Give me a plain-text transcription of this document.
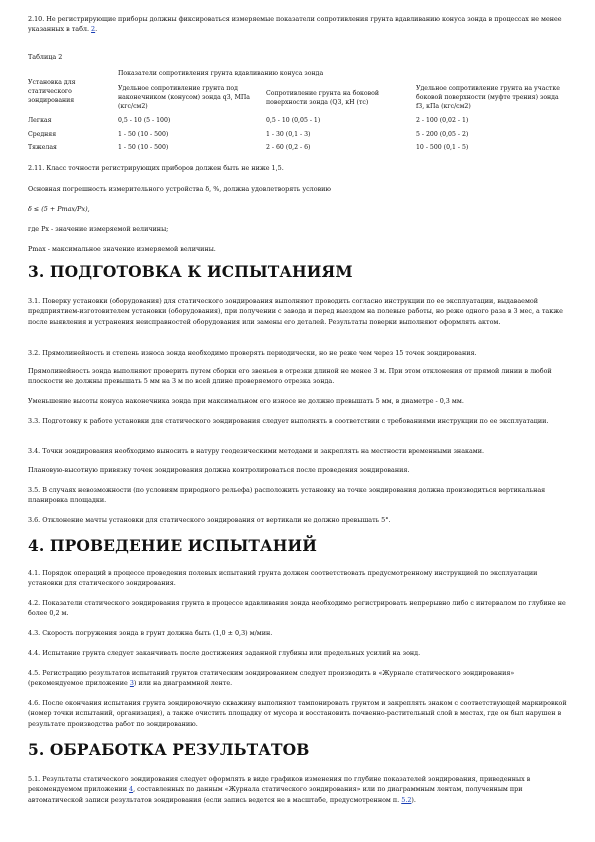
2.10. Не регистрирующие приборы должны фиксироваться измеряемые показатели сопротивления грунта вдавливанию конуса зонда в процессах не менее указанных в табл. 2.

Таблица 2

Показатели сопротивления грунта вдавливанию конуса зонда
Установка для статического зондирования
Удельное сопротивление грунта под наконечником (конусом) зонда q3, МПа (кгс/см2)
Сопротивление грунта на боковой поверхности зонда (Q3, кН (тс)
Удельное сопротивление грунта на участке боковой поверхности (муфте трения) зонда f3, кПа (кгс/см2)
Легкая	0,5 - 10 (5 - 100)	0,5 - 10 (0,05 - 1)	2 - 100 (0,02 - 1)
Средняя	1 - 50 (10 - 500)	1 - 30 (0,1 - 3)	5 - 200 (0,05 - 2)
Тяжелая	1 - 50 (10 - 500)	2 - 60 (0,2 - 6)	10 - 500 (0,1 - 5)

2.11. Класс точности регистрирующих приборов должен быть не ниже 1,5.

Основная погрешность измерительного устройства δ, %, должна удовлетворять условию

δ ≤ (5 + Pmax/Px),

где Px - значение измеряемой величины;

Pmax - максимальное значение измеряемой величины.

3. ПОДГОТОВКА К ИСПЫТАНИЯМ

3.1. Поверку установки (оборудования) для статического зондирования выполняют проводить согласно инструкции по ее эксплуатации, выдаваемой предприятием-изготовителем установки (оборудования), при получении с завода и перед выездом на полевые работы, но реже одного раза в 3 мес, а также после выявления и устранения неисправностей оборудования или замены его деталей. Результаты поверки выполняют оформлять актом.

3.2. Прямолинейность и степень износа зонда необходимо проверять периодически, но не реже чем через 15 точек зондирования.

Прямолинейность зонда выполняют проверить путем сборки его звеньев в отрезки длиной не менее 3 м. При этом отклонения от прямой линии в любой плоскости не должны превышать 5 мм на 3 м по всей длине проверяемого отрезка зонда.

Уменьшение высоты конуса наконечника зонда при максимальном его износе не должно превышать 5 мм, в диаметре - 0,3 мм.

3.3. Подготовку к работе установки для статического зондирования следует выполнять в соответствии с требованиями инструкции по ее эксплуатации.

3.4. Точки зондирования необходимо выносить в натуру геодезическими методами и закреплять на местности временными знаками.

Плановую-высотную привязку точек зондирования должна контролироваться после проведения зондирования.

3.5. В случаях невозможности (по условиям природного рельефа) расположить установку на точке зондирования должна производиться вертикальная планировка площадки.

3.6. Отклонение мачты установки для статического зондирования от вертикали не должно превышать 5°.

4. ПРОВЕДЕНИЕ ИСПЫТАНИЙ

4.1. Порядок операций в процессе проведения полевых испытаний грунта должен соответствовать предусмотренному инструкцией по эксплуатации установки для статического зондирования.

4.2. Показатели статического зондирования грунта в процессе вдавливания зонда необходимо регистрировать непрерывно либо с интервалом по глубине не более 0,2 м.

4.3. Скорость погружения зонда в грунт должна быть (1,0 ± 0,3) м/мин.

4.4. Испытание грунта следует заканчивать после достижения заданной глубины или предельных усилий на зонд.

4.5. Регистрацию результатов испытаний грунтов статическим зондированием следует производить в «Журнале статического зондирования» (рекомендуемое приложение 3) или на диаграммной ленте.

4.6. После окончания испытания грунта зондировочную скважину выполняют тампонировать грунтом и закреплять знаком с соответствующей маркировкой (номер точки испытаний, организация), а также очистить площадку от мусора и восстановить почвенно-растительный слой в местах, где он был нарушен в результате производства работ по зондированию.

5. ОБРАБОТКА РЕЗУЛЬТАТОВ

5.1. Результаты статического зондирования следует оформлять в виде графиков изменения по глубине показателей зондирования, приведенных в рекомендуемом приложении 4, составленных по данным «Журнала статического зондирования» или по диаграммным лентам, полученным при автоматической записи результатов зондирования (если запись ведется не в масштабе, предусмотренном п. 5.2).
